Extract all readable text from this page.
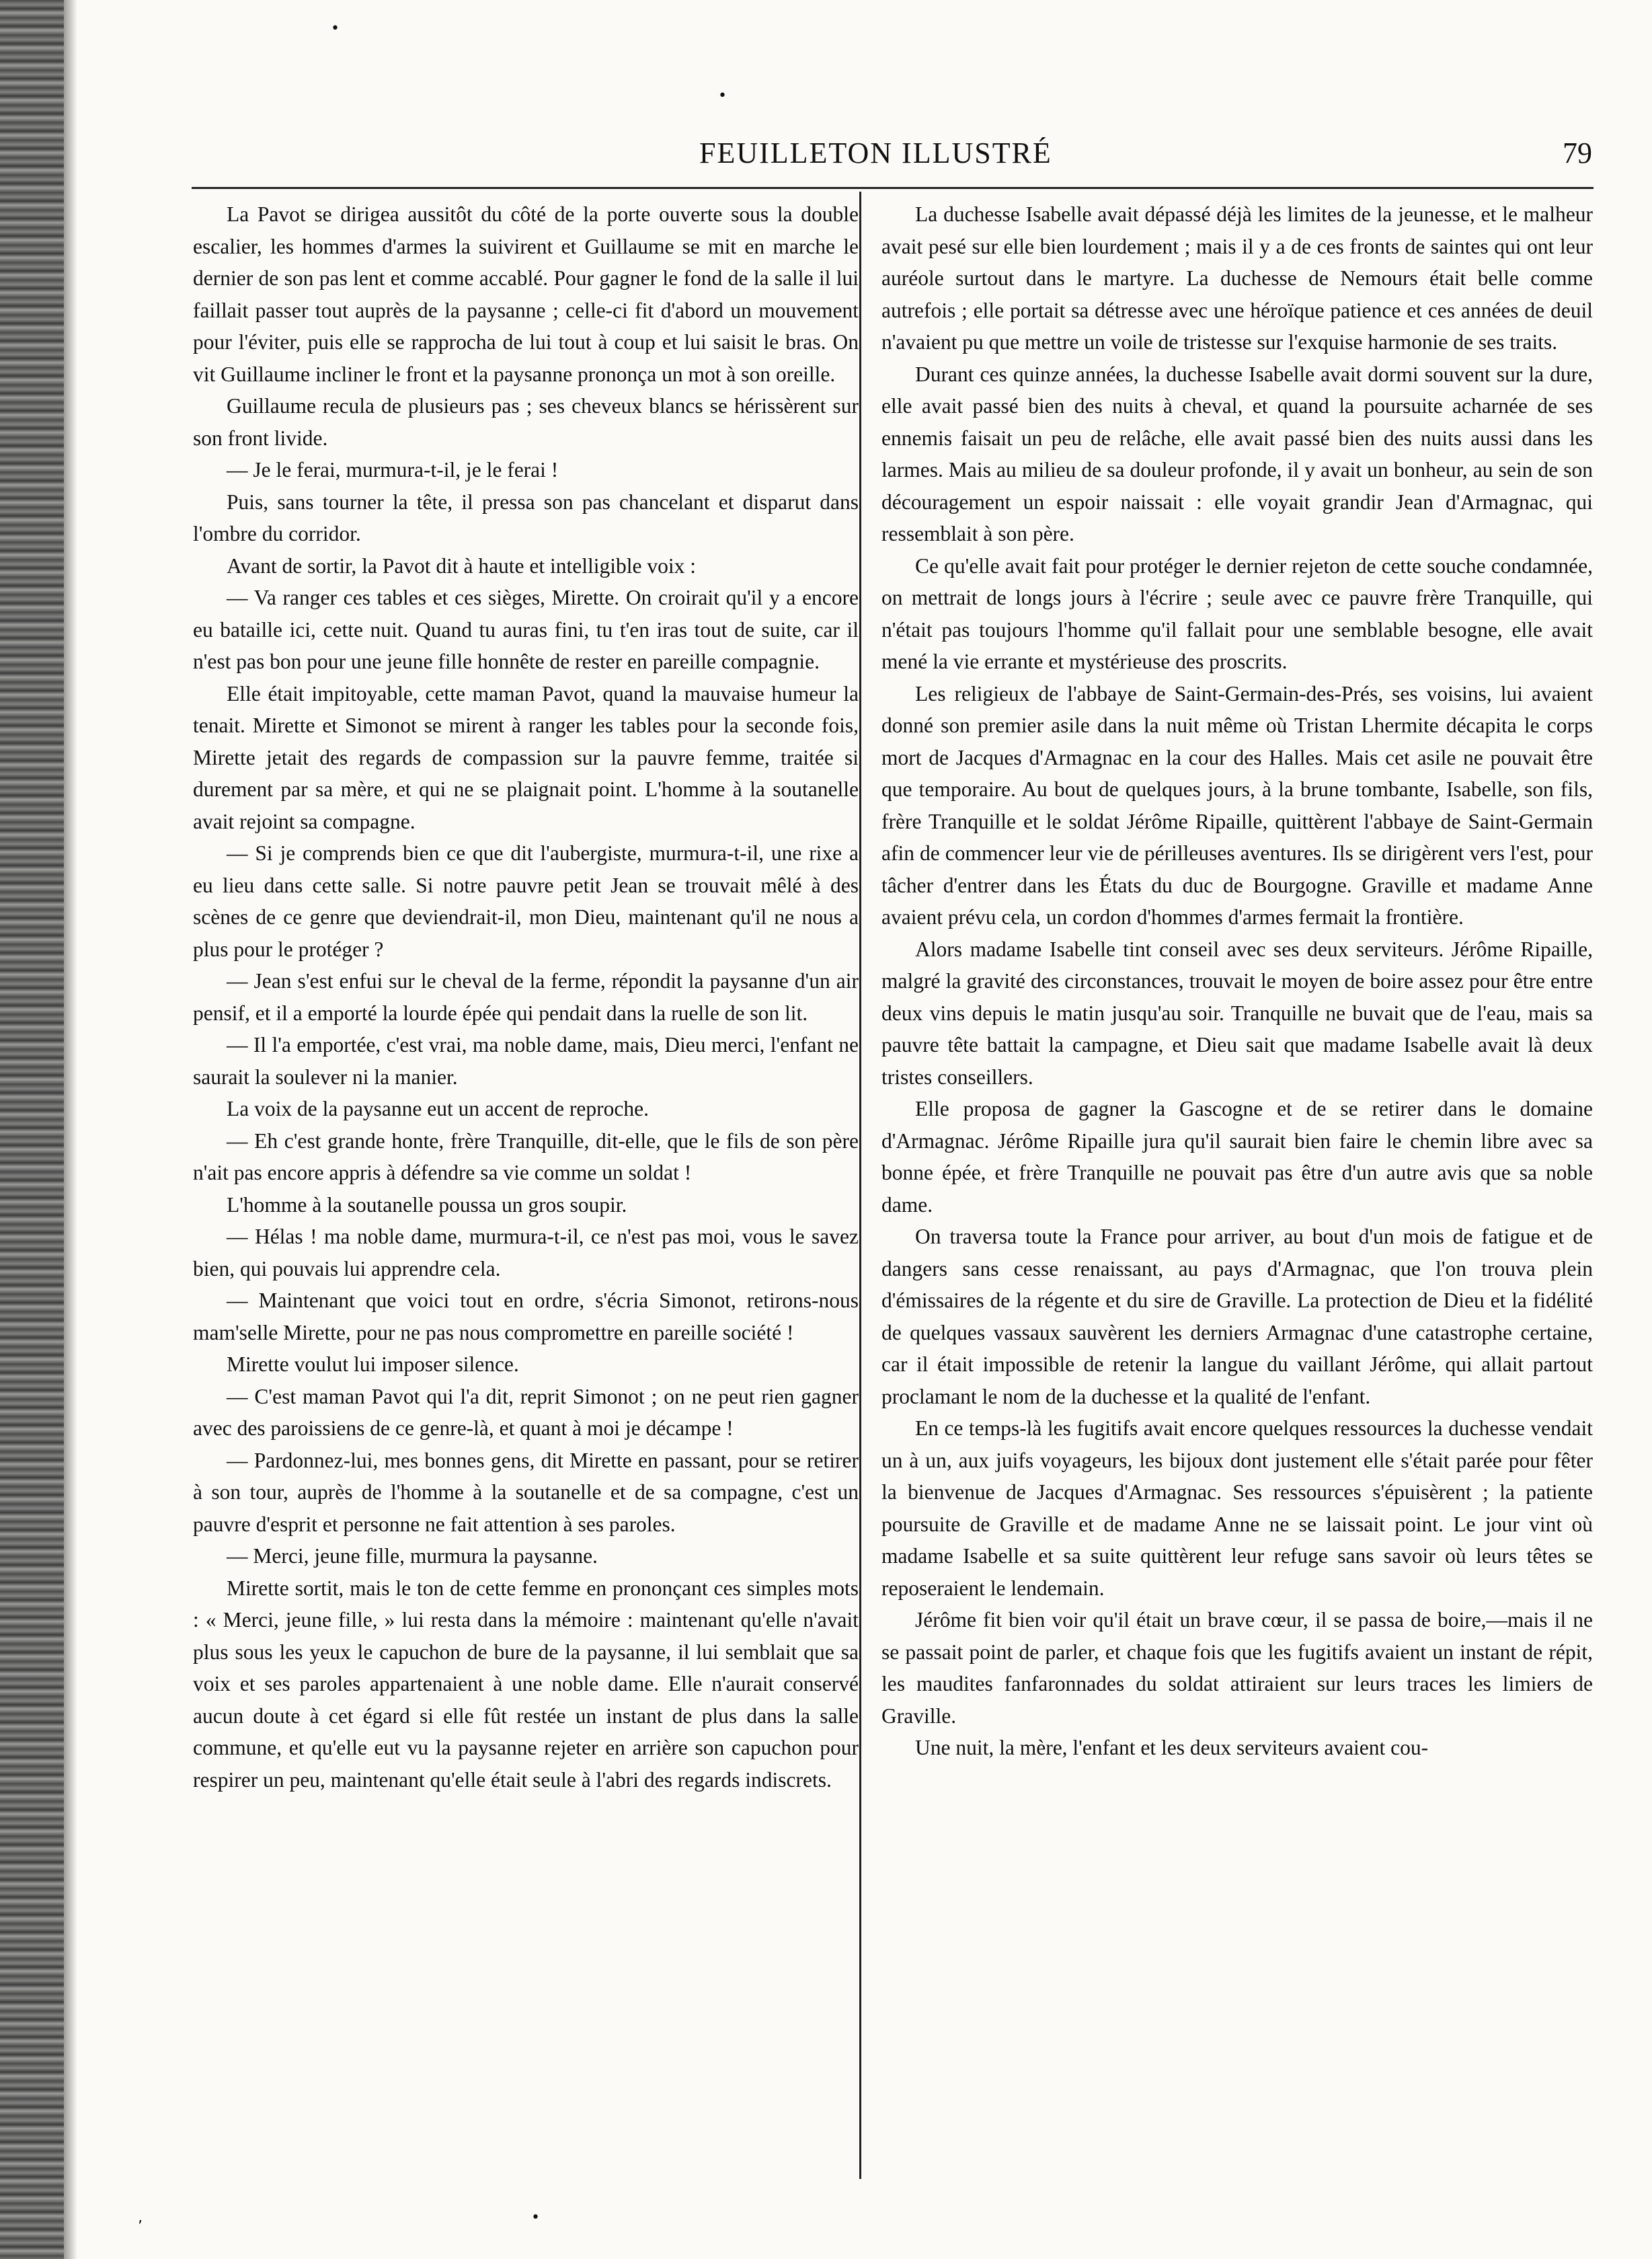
•
•
FEUILLETON ILLUSTRÉ	79

La Pavot se dirigea aussitôt du côté de la porte ouverte sous la double escalier, les hommes d'armes la suivirent et Guillaume se mit en marche le dernier de son pas lent et comme accablé. Pour gagner le fond de la salle il lui faillait passer tout auprès de la paysanne ; celle-ci fit d'abord un mouvement pour l'éviter, puis elle se rapprocha de lui tout à coup et lui saisit le bras. On vit Guillaume incliner le front et la paysanne prononça un mot à son oreille.

Guillaume recula de plusieurs pas ; ses cheveux blancs se hérissèrent sur son front livide.

— Je le ferai, murmura-t-il, je le ferai !

Puis, sans tourner la tête, il pressa son pas chancelant et disparut dans l'ombre du corridor.

Avant de sortir, la Pavot dit à haute et intelligible voix :

— Va ranger ces tables et ces sièges, Mirette. On croirait qu'il y a encore eu bataille ici, cette nuit. Quand tu auras fini, tu t'en iras tout de suite, car il n'est pas bon pour une jeune fille honnête de rester en pareille compagnie.

Elle était impitoyable, cette maman Pavot, quand la mauvaise humeur la tenait. Mirette et Simonot se mirent à ranger les tables pour la seconde fois, Mirette jetait des regards de compassion sur la pauvre femme, traitée si durement par sa mère, et qui ne se plaignait point. L'homme à la soutanelle avait rejoint sa compagne.

— Si je comprends bien ce que dit l'aubergiste, murmura-t-il, une rixe a eu lieu dans cette salle. Si notre pauvre petit Jean se trouvait mêlé à des scènes de ce genre que deviendrait-il, mon Dieu, maintenant qu'il ne nous a plus pour le protéger ?

— Jean s'est enfui sur le cheval de la ferme, répondit la paysanne d'un air pensif, et il a emporté la lourde épée qui pendait dans la ruelle de son lit.

— Il l'a emportée, c'est vrai, ma noble dame, mais, Dieu merci, l'enfant ne saurait la soulever ni la manier.

La voix de la paysanne eut un accent de reproche.

— Eh c'est grande honte, frère Tranquille, dit-elle, que le fils de son père n'ait pas encore appris à défendre sa vie comme un soldat !

L'homme à la soutanelle poussa un gros soupir.

— Hélas ! ma noble dame, murmura-t-il, ce n'est pas moi, vous le savez bien, qui pouvais lui apprendre cela.

— Maintenant que voici tout en ordre, s'écria Simonot, retirons-nous mam'selle Mirette, pour ne pas nous compromettre en pareille société !

Mirette voulut lui imposer silence.

— C'est maman Pavot qui l'a dit, reprit Simonot ; on ne peut rien gagner avec des paroissiens de ce genre-là, et quant à moi je décampe !

— Pardonnez-lui, mes bonnes gens, dit Mirette en passant, pour se retirer à son tour, auprès de l'homme à la soutanelle et de sa compagne, c'est un pauvre d'esprit et personne ne fait attention à ses paroles.

— Merci, jeune fille, murmura la paysanne.

Mirette sortit, mais le ton de cette femme en prononçant ces simples mots : « Merci, jeune fille, » lui resta dans la mémoire : maintenant qu'elle n'avait plus sous les yeux le capuchon de bure de la paysanne, il lui semblait que sa voix et ses paroles appartenaient à une noble dame. Elle n'aurait conservé aucun doute à cet égard si elle fût restée un instant de plus dans la salle commune, et qu'elle eut vu la paysanne rejeter en arrière son capuchon pour respirer un peu, maintenant qu'elle était seule à l'abri des regards indiscrets.

La duchesse Isabelle avait dépassé déjà les limites de la jeunesse, et le malheur avait pesé sur elle bien lourdement ; mais il y a de ces fronts de saintes qui ont leur auréole surtout dans le martyre. La duchesse de Nemours était belle comme autrefois ; elle portait sa détresse avec une héroïque patience et ces années de deuil n'avaient pu que mettre un voile de tristesse sur l'exquise harmonie de ses traits.

Durant ces quinze années, la duchesse Isabelle avait dormi souvent sur la dure, elle avait passé bien des nuits à cheval, et quand la poursuite acharnée de ses ennemis faisait un peu de relâche, elle avait passé bien des nuits aussi dans les larmes. Mais au milieu de sa douleur profonde, il y avait un bonheur, au sein de son découragement un espoir naissait : elle voyait grandir Jean d'Armagnac, qui ressemblait à son père.

Ce qu'elle avait fait pour protéger le dernier rejeton de cette souche condamnée, on mettrait de longs jours à l'écrire ; seule avec ce pauvre frère Tranquille, qui n'était pas toujours l'homme qu'il fallait pour une semblable besogne, elle avait mené la vie errante et mystérieuse des proscrits.

Les religieux de l'abbaye de Saint-Germain-des-Prés, ses voisins, lui avaient donné son premier asile dans la nuit même où Tristan Lhermite décapita le corps mort de Jacques d'Armagnac en la cour des Halles. Mais cet asile ne pouvait être que temporaire. Au bout de quelques jours, à la brune tombante, Isabelle, son fils, frère Tranquille et le soldat Jérôme Ripaille, quittèrent l'abbaye de Saint-Germain afin de commencer leur vie de périlleuses aventures. Ils se dirigèrent vers l'est, pour tâcher d'entrer dans les États du duc de Bourgogne. Graville et madame Anne avaient prévu cela, un cordon d'hommes d'armes fermait la frontière.

Alors madame Isabelle tint conseil avec ses deux serviteurs. Jérôme Ripaille, malgré la gravité des circonstances, trouvait le moyen de boire assez pour être entre deux vins depuis le matin jusqu'au soir. Tranquille ne buvait que de l'eau, mais sa pauvre tête battait la campagne, et Dieu sait que madame Isabelle avait là deux tristes conseillers.

Elle proposa de gagner la Gascogne et de se retirer dans le domaine d'Armagnac. Jérôme Ripaille jura qu'il saurait bien faire le chemin libre avec sa bonne épée, et frère Tranquille ne pouvait pas être d'un autre avis que sa noble dame.

On traversa toute la France pour arriver, au bout d'un mois de fatigue et de dangers sans cesse renaissant, au pays d'Armagnac, que l'on trouva plein d'émissaires de la régente et du sire de Graville. La protection de Dieu et la fidélité de quelques vassaux sauvèrent les derniers Armagnac d'une catastrophe certaine, car il était impossible de retenir la langue du vaillant Jérôme, qui allait partout proclamant le nom de la duchesse et la qualité de l'enfant.

En ce temps-là les fugitifs avait encore quelques ressources la duchesse vendait un à un, aux juifs voyageurs, les bijoux dont justement elle s'était parée pour fêter la bienvenue de Jacques d'Armagnac. Ses ressources s'épuisèrent ; la patiente poursuite de Graville et de madame Anne ne se laissait point. Le jour vint où madame Isabelle et sa suite quittèrent leur refuge sans savoir où leurs têtes se reposeraient le lendemain.

Jérôme fit bien voir qu'il était un brave cœur, il se passa de boire,—mais il ne se passait point de parler, et chaque fois que les fugitifs avaient un instant de répit, les maudites fanfaronnades du soldat attiraient sur leurs traces les limiers de Graville.

Une nuit, la mère, l'enfant et les deux serviteurs avaient cou-

‚	•
